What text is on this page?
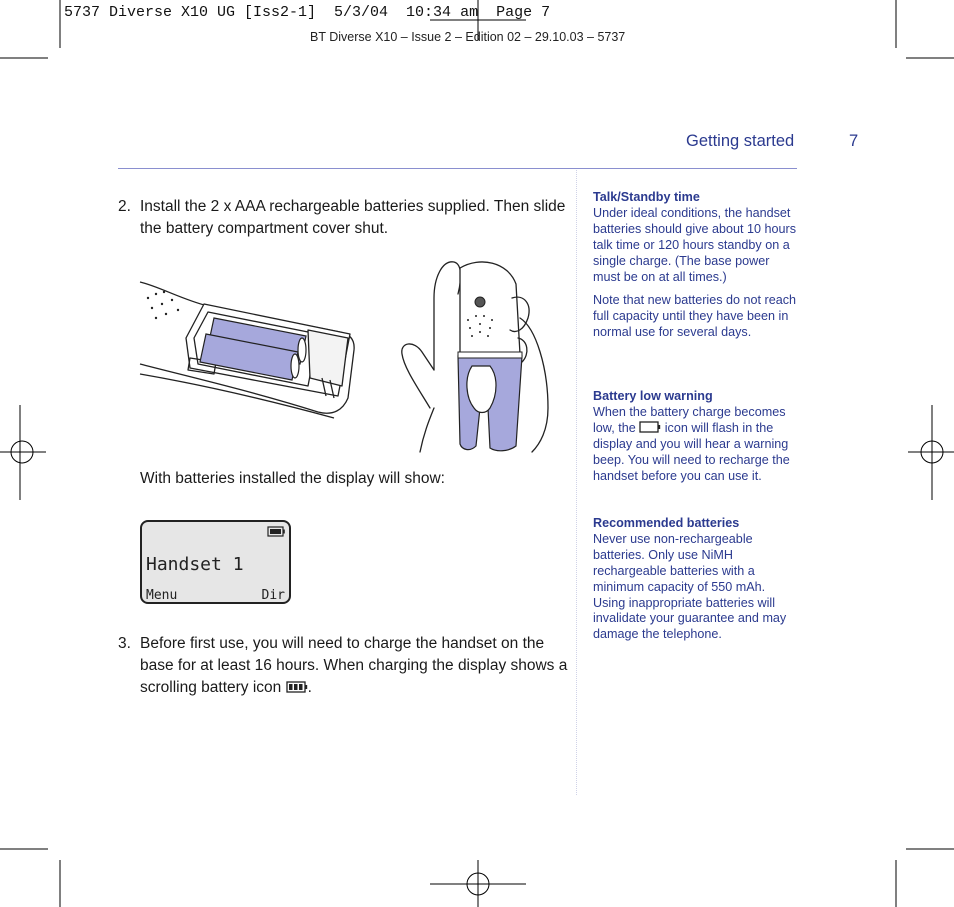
5737 Diverse X10 UG [Iss2-1]  5/3/04  10:34 am  Page 7
BT Diverse X10 – Issue 2 – Edition 02 – 29.10.03 – 5737
Getting started	7
2. Install the 2 x AAA rechargeable batteries supplied. Then slide the battery compartment cover shut.
With batteries installed the display will show:
Handset 1
Menu	Dir
3. Before first use, you will need to charge the handset on the base for at least 16 hours. When charging the display shows a scrolling battery icon .
Talk/Standby time

Under ideal conditions, the handset batteries should give about 10 hours talk time or 120 hours standby on a single charge. (The base power must be on at all times.)

Note that new batteries do not reach full capacity until they have been in normal use for several days.

Battery low warning

When the battery charge becomes low, the icon will flash in the display and you will hear a warning beep. You will need to recharge the handset before you can use it.

Recommended batteries

Never use non-rechargeable batteries. Only use NiMH rechargeable batteries with a minimum capacity of 550 mAh. Using inappropriate batteries will invalidate your guarantee and may damage the telephone.
